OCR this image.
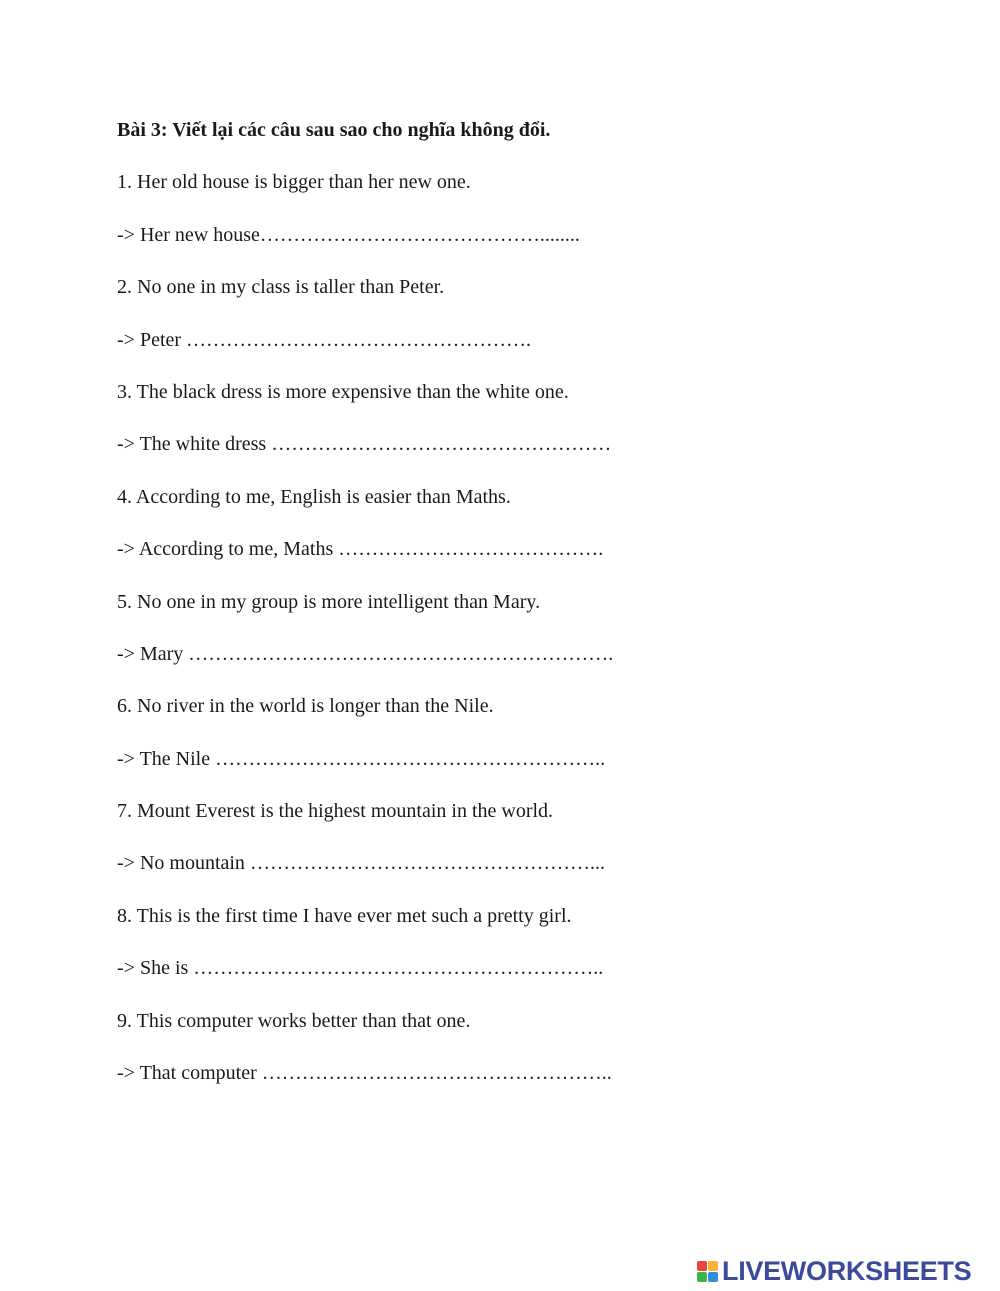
Bài 3: Viết lại các câu sau sao cho nghĩa không đổi.
1. Her old house is bigger than her new one.
-> Her new house……………………………………........
2. No one in my class is taller than Peter.
-> Peter …………………………………………….
3. The black dress is more expensive than the white one.
-> The white dress ……………………………………………
4. According to me, English is easier than Maths.
-> According to me, Maths ………………………………….
5. No one in my group is more intelligent than Mary.
-> Mary ……………………………………………………….
6. No river in the world is longer than the Nile.
-> The Nile …………………………………………………..
7. Mount Everest is the highest mountain in the world.
-> No mountain ……………………………………………...
8. This is the first time I have ever met such a pretty girl.
-> She is ……………………………………………………..
9. This computer works better than that one.
-> That computer ……………………………………………..
LIVEWORKSHEETS
